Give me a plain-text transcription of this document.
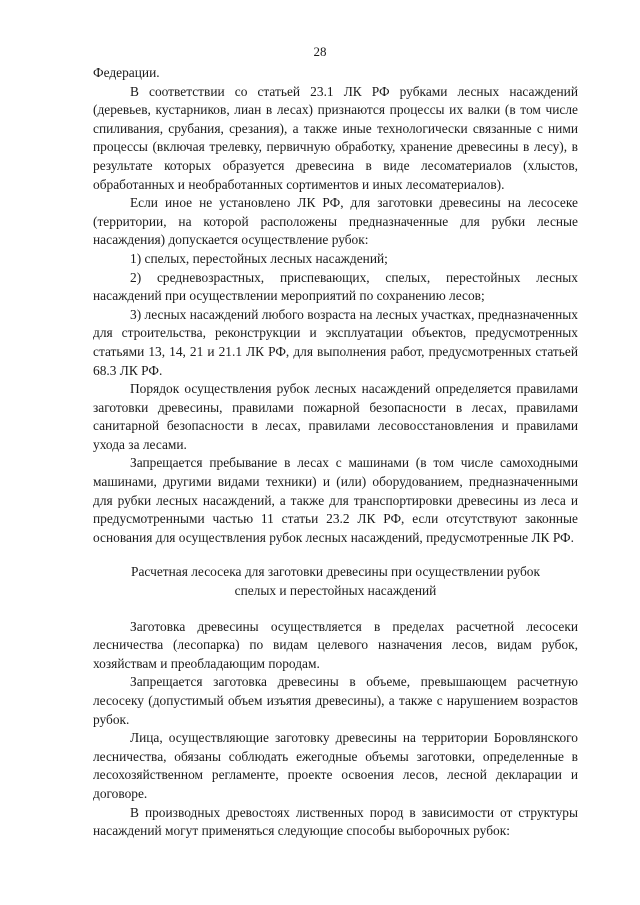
28

Федерации.

В соответствии со статьей 23.1 ЛК РФ рубками лесных насаждений (деревьев, кустарников, лиан в лесах) признаются процессы их валки (в том числе спиливания, срубания, срезания), а также иные технологически связанные с ними процессы (включая трелевку, первичную обработку, хранение древесины в лесу), в результате которых образуется древесина в виде лесоматериалов (хлыстов, обработанных и необработанных сортиментов и иных лесоматериалов).

Если иное не установлено ЛК РФ, для заготовки древесины на лесосеке (территории, на которой расположены предназначенные для рубки лесные насаждения) допускается осуществление рубок:

1) спелых, перестойных лесных насаждений;

2) средневозрастных, приспевающих, спелых, перестойных лесных насаждений при осуществлении мероприятий по сохранению лесов;

3) лесных насаждений любого возраста на лесных участках, предназначенных для строительства, реконструкции и эксплуатации объектов, предусмотренных статьями 13, 14, 21 и 21.1 ЛК РФ, для выполнения работ, предусмотренных статьей 68.3 ЛК РФ.

Порядок осуществления рубок лесных насаждений определяется правилами заготовки древесины, правилами пожарной безопасности в лесах, правилами санитарной безопасности в лесах, правилами лесовосстановления и правилами ухода за лесами.

Запрещается пребывание в лесах с машинами (в том числе самоходными машинами, другими видами техники) и (или) оборудованием, предназначенными для рубки лесных насаждений, а также для транспортировки древесины из леса и предусмотренными частью 11 статьи 23.2 ЛК РФ, если отсутствуют законные основания для осуществления рубок лесных насаждений, предусмотренные ЛК РФ.

Расчетная лесосека для заготовки древесины при осуществлении рубок спелых и перестойных насаждений

Заготовка древесины осуществляется в пределах расчетной лесосеки лесничества (лесопарка) по видам целевого назначения лесов, видам рубок, хозяйствам и преобладающим породам.

Запрещается заготовка древесины в объеме, превышающем расчетную лесосеку (допустимый объем изъятия древесины), а также с нарушением возрастов рубок.

Лица, осуществляющие заготовку древесины на территории Боровлянского лесничества, обязаны соблюдать ежегодные объемы заготовки, определенные в лесохозяйственном регламенте, проекте освоения лесов, лесной декларации и договоре.

В производных древостоях лиственных пород в зависимости от структуры насаждений могут применяться следующие способы выборочных рубок:
